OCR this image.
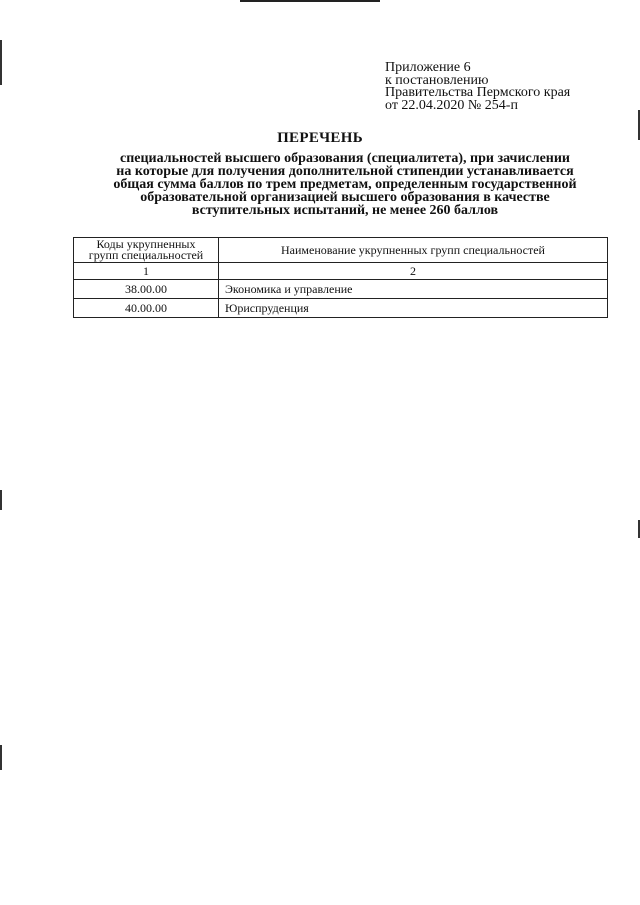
Приложение 6
к постановлению
Правительства Пермского края
от 22.04.2020 № 254-п
ПЕРЕЧЕНЬ
специальностей высшего образования (специалитета), при зачислении
на которые для получения дополнительной стипендии устанавливается
общая сумма баллов по трем предметам, определенным государственной
образовательной организацией высшего образования в качестве
вступительных испытаний, не менее 260 баллов
Коды укрупненных
групп специальностей	Наименование укрупненных групп специальностей
1	2
38.00.00	Экономика и управление
40.00.00	Юриспруденция
